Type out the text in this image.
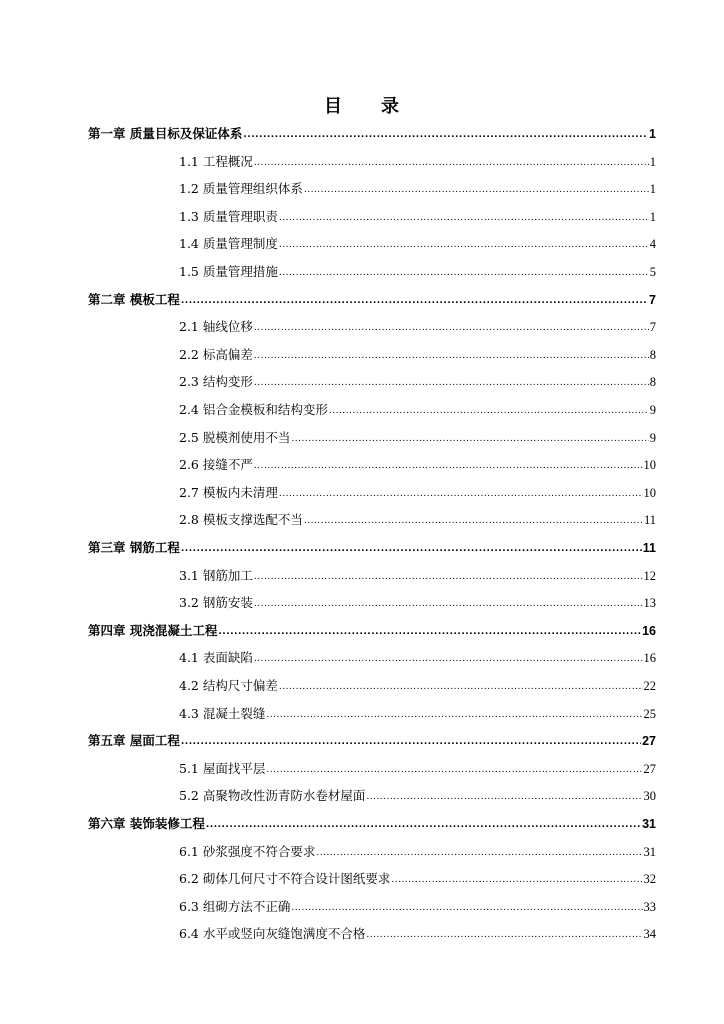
目 录
第一章 质量目标及保证体系 .....	1
1.1 工程概况 .....	1
1.2 质量管理组织体系 .....	1
1.3 质量管理职责 .....	1
1.4 质量管理制度 .....	4
1.5 质量管理措施 .....	5
第二章 模板工程 .....	7
2.1 轴线位移 .....	7
2.2 标高偏差 .....	8
2.3 结构变形 .....	8
2.4 铝合金模板和结构变形 .....	9
2.5 脱模剂使用不当 .....	9
2.6 接缝不严 .....	10
2.7 模板内未清理 .....	10
2.8 模板支撑选配不当 .....	11
第三章 钢筋工程 .....	11
3.1 钢筋加工 .....	12
3.2 钢筋安装 .....	13
第四章 现浇混凝土工程 .....	16
4.1 表面缺陷 .....	16
4.2 结构尺寸偏差 .....	22
4.3 混凝土裂缝 .....	25
第五章 屋面工程 .....	27
5.1 屋面找平层 .....	27
5.2 高聚物改性沥青防水卷材屋面 .....	30
第六章 装饰装修工程 .....	31
6.1 砂浆强度不符合要求 .....	31
6.2 砌体几何尺寸不符合设计图纸要求 .....	32
6.3 组砌方法不正确 .....	33
6.4 水平或竖向灰缝饱满度不合格 .....	34
